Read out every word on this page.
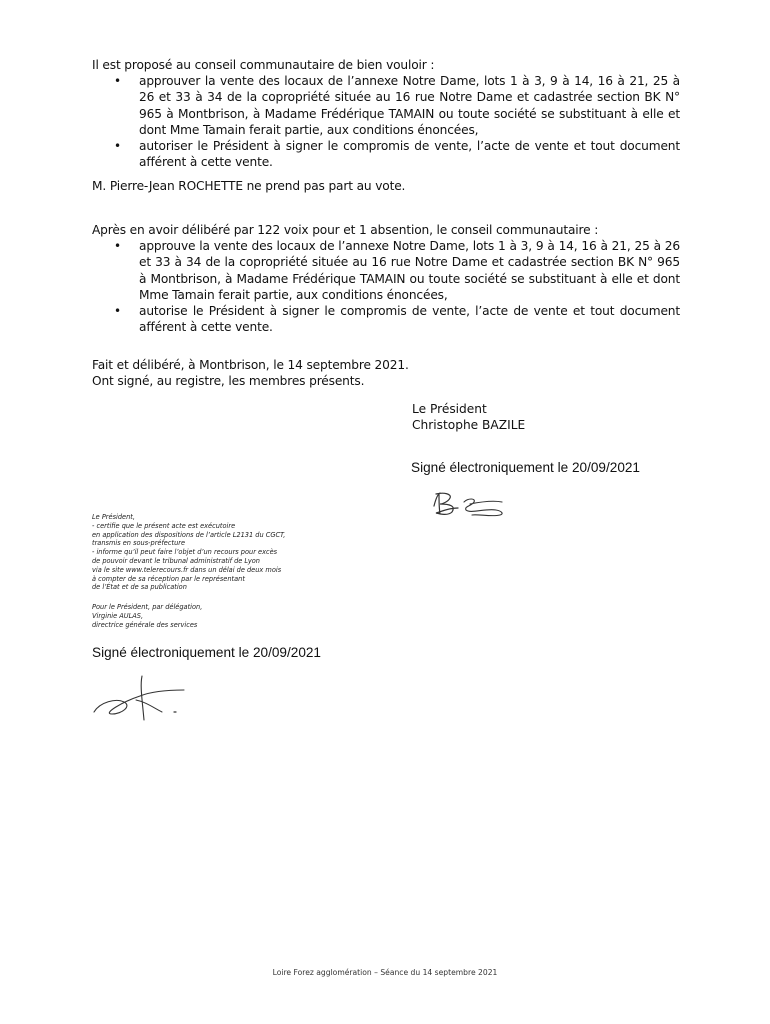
Il est proposé au conseil communautaire de bien vouloir :
• approuver la vente des locaux de l’annexe Notre Dame, lots 1 à 3, 9 à 14, 16 à 21, 25 à 26 et 33 à 34 de la copropriété située au 16 rue Notre Dame et cadastrée section BK N° 965 à Montbrison, à Madame Frédérique TAMAIN ou toute société se substituant à elle et dont Mme Tamain ferait partie, aux conditions énoncées,
• autoriser le Président à signer le compromis de vente, l’acte de vente et tout document afférent à cette vente.
M. Pierre-Jean ROCHETTE ne prend pas part au vote.
Après en avoir délibéré par 122 voix pour et 1 absention, le conseil communautaire :
• approuve la vente des locaux de l’annexe Notre Dame, lots 1 à 3, 9 à 14, 16 à 21, 25 à 26 et 33 à 34 de la copropriété située au 16 rue Notre Dame et cadastrée section BK N° 965 à Montbrison, à Madame Frédérique TAMAIN ou toute société se substituant à elle et dont Mme Tamain ferait partie, aux conditions énoncées,
• autorise le Président à signer le compromis de vente, l’acte de vente et tout document afférent à cette vente.
Fait et délibéré, à Montbrison, le 14 septembre 2021.
Ont signé, au registre, les membres présents.
Le Président
Christophe BAZILE
Signé électroniquement le 20/09/2021
Le Président,
- certifie que le présent acte est exécutoire
en application des dispositions de l’article L2131 du CGCT,
transmis en sous-préfecture
- informe qu’il peut faire l’objet d’un recours pour excès
de pouvoir devant le tribunal administratif de Lyon
via le site www.telerecours.fr dans un délai de deux mois
à compter de sa réception par le représentant
de l’État et de sa publication
Pour le Président, par délégation,
Virginie AULAS,
directrice générale des services
Signé électroniquement le 20/09/2021
Loire Forez agglomération – Séance du 14 septembre 2021
